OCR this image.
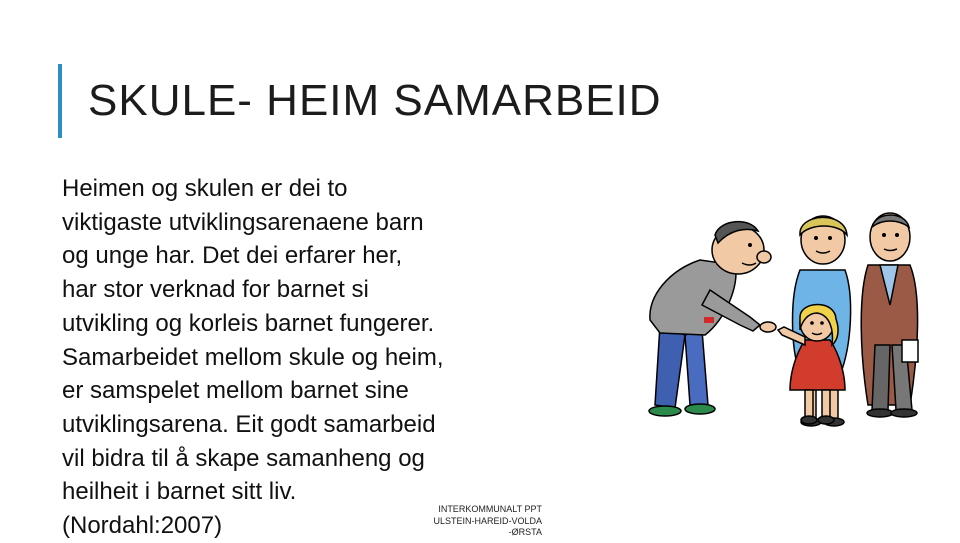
SKULE- HEIM SAMARBEID
Heimen og skulen er dei to
viktigaste utviklingsarenaene barn
og unge har. Det dei erfarer her,
har stor verknad for barnet si
utvikling og korleis barnet fungerer.
Samarbeidet mellom skule og heim,
er samspelet mellom barnet sine
utviklingsarena. Eit godt samarbeid
vil bidra til å skape samanheng og
heilheit i barnet sitt liv.
(Nordahl:2007)
INTERKOMMUNALT PPT
ULSTEIN-HAREID-VOLDA
-ØRSTA
